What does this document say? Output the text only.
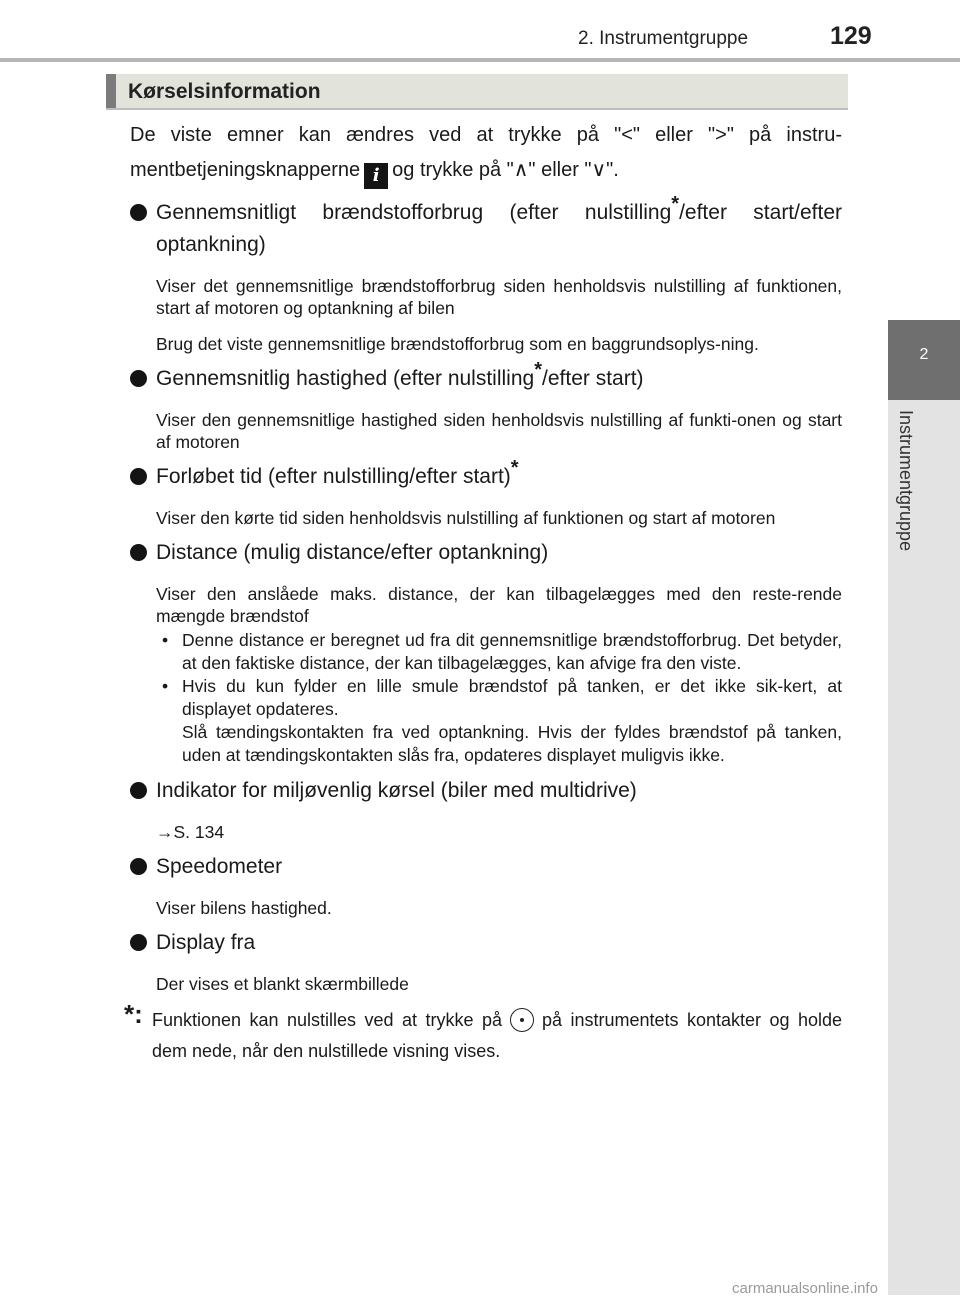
2. Instrumentgruppe	129
2
Instrumentgruppe
Kørselsinformation

De viste emner kan ændres ved at trykke på "<" eller ">" på instru-mentbetjeningsknapperne i og trykke på "∧" eller "∨".

Gennemsnitligt brændstofforbrug (efter nulstilling*/efter start/efter optankning)

Viser det gennemsnitlige brændstofforbrug siden henholdsvis nulstilling af funktionen, start af motoren og optankning af bilen

Brug det viste gennemsnitlige brændstofforbrug som en baggrundsoplys-ning.

Gennemsnitlig hastighed (efter nulstilling*/efter start)

Viser den gennemsnitlige hastighed siden henholdsvis nulstilling af funkti-onen og start af motoren

Forløbet tid (efter nulstilling/efter start)*

Viser den kørte tid siden henholdsvis nulstilling af funktionen og start af motoren

Distance (mulig distance/efter optankning)

Viser den anslåede maks. distance, der kan tilbagelægges med den reste-rende mængde brændstof

• Denne distance er beregnet ud fra dit gennemsnitlige brændstofforbrug. Det betyder, at den faktiske distance, der kan tilbagelægges, kan afvige fra den viste.
• Hvis du kun fylder en lille smule brændstof på tanken, er det ikke sik-kert, at displayet opdateres.
Slå tændingskontakten fra ved optankning. Hvis der fyldes brændstof på tanken, uden at tændingskontakten slås fra, opdateres displayet muligvis ikke.
Indikator for miljøvenlig kørsel (biler med multidrive)

→S. 134

Speedometer

Viser bilens hastighed.

Display fra

Der vises et blankt skærmbillede

*: Funktionen kan nulstilles ved at trykke på på instrumentets kontakter og holde dem nede, når den nulstillede visning vises.
carmanualsonline.info
